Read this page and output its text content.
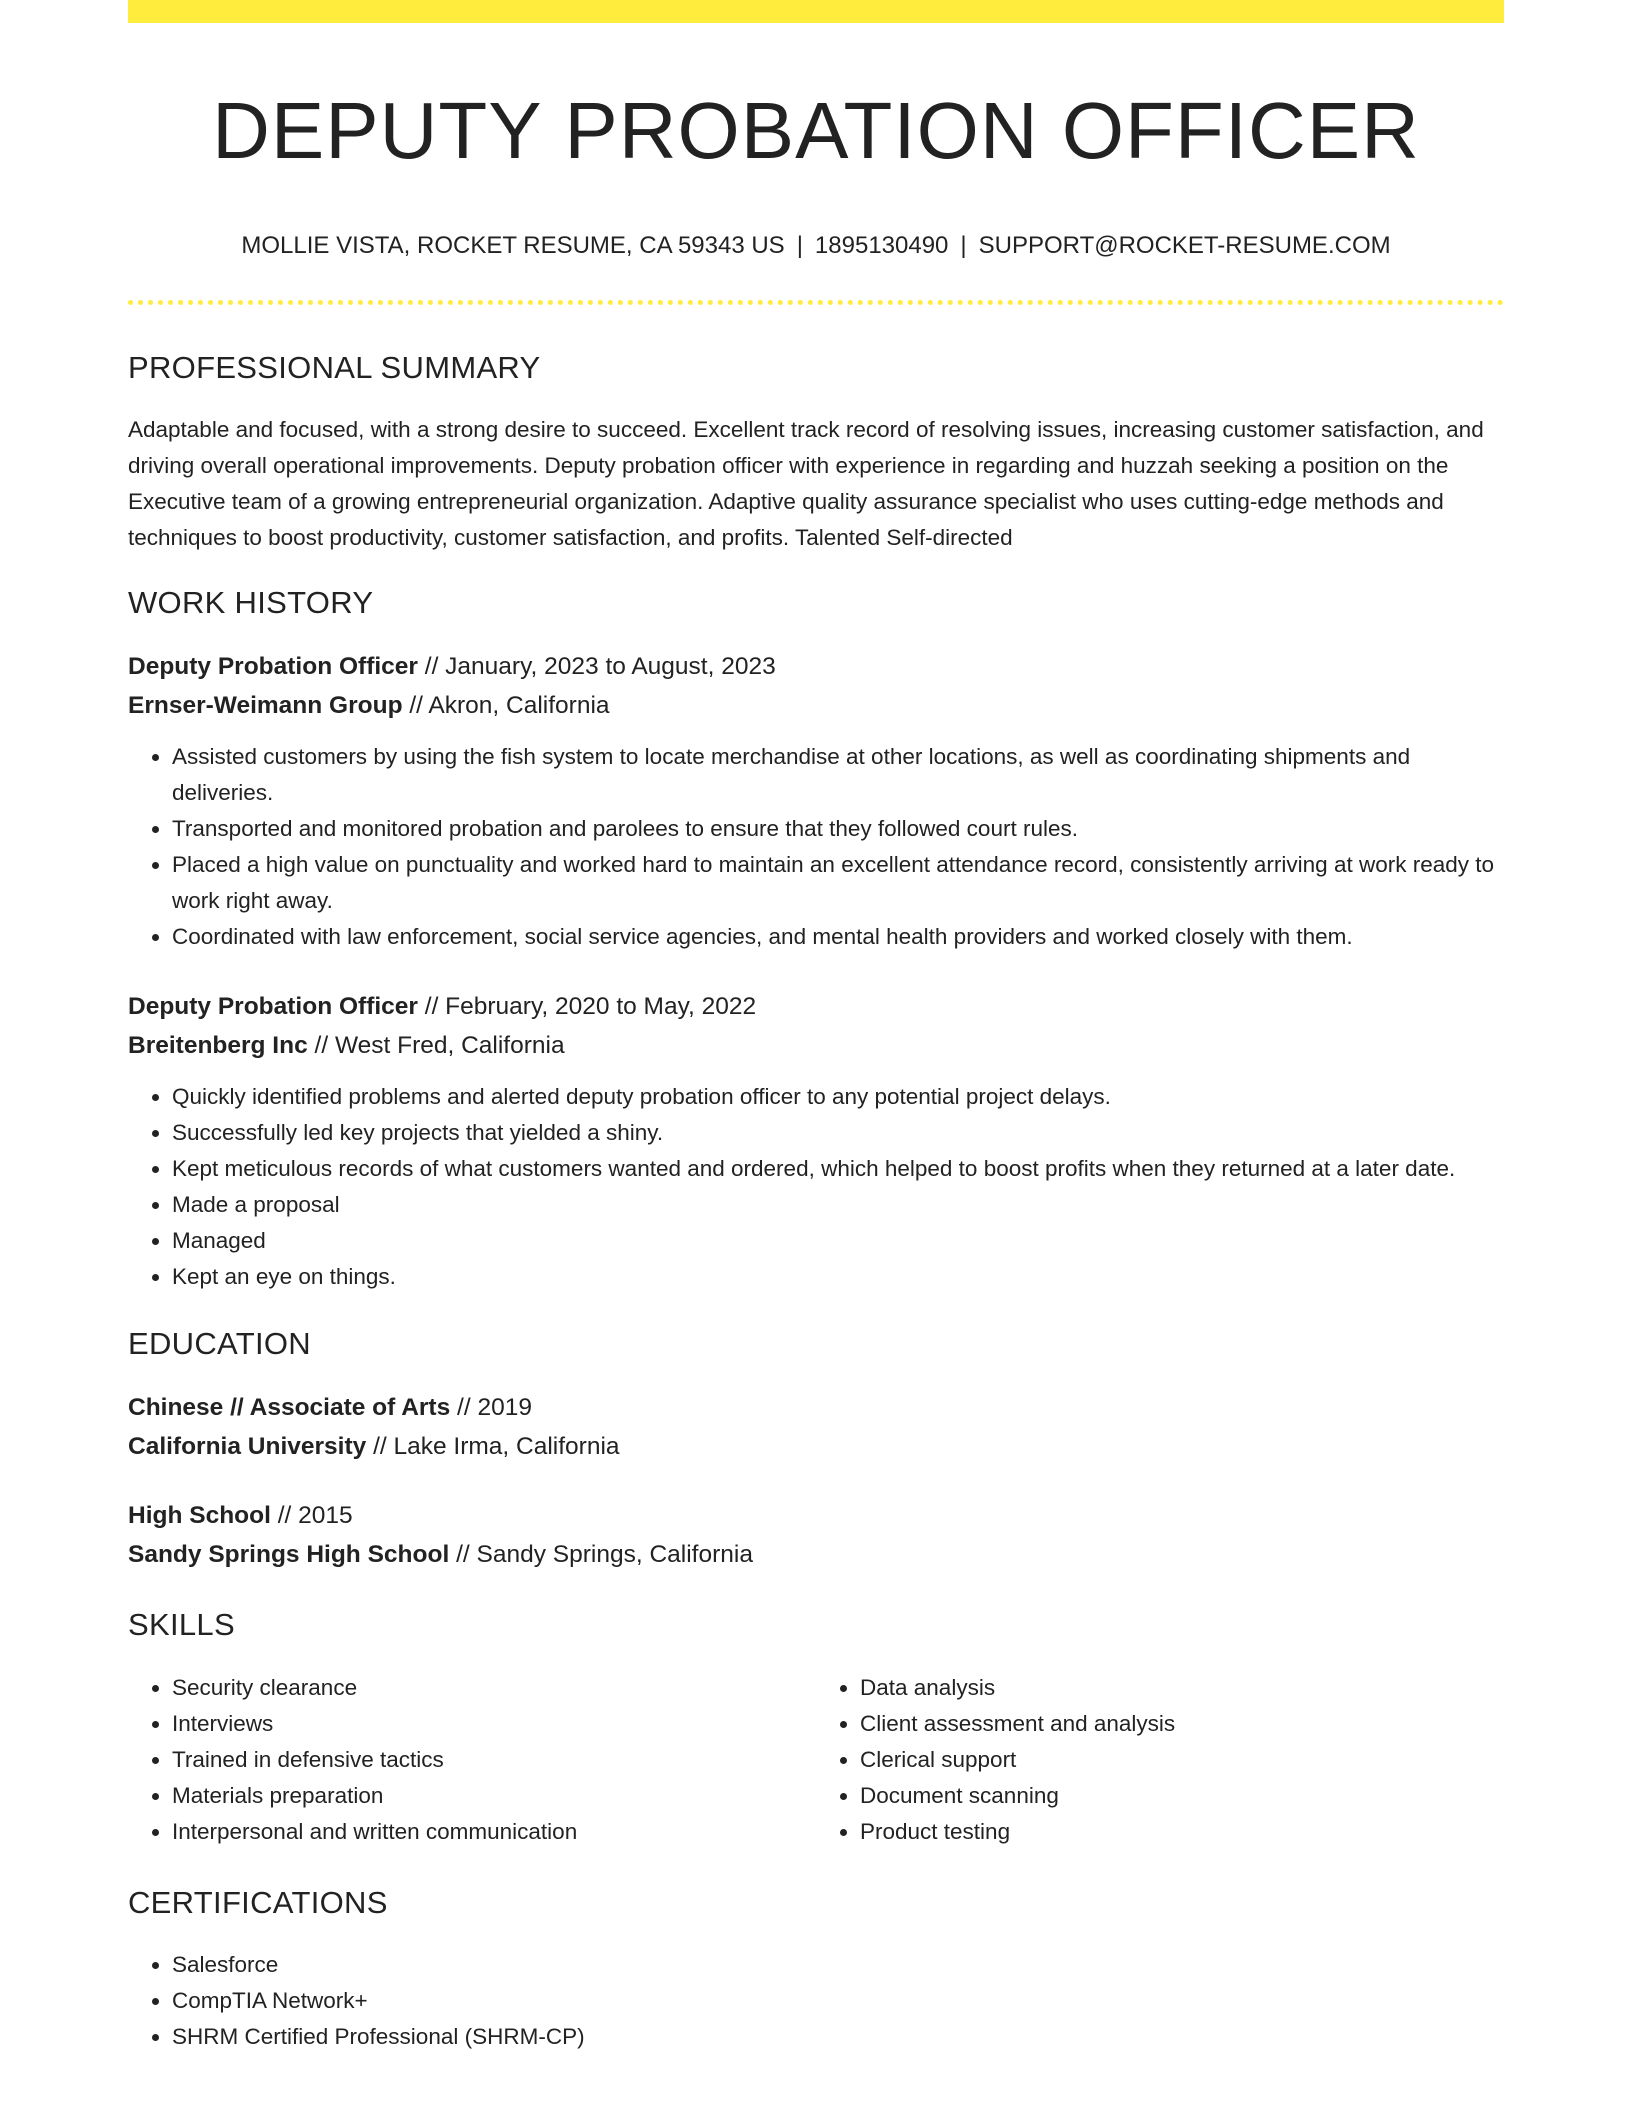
DEPUTY PROBATION OFFICER
MOLLIE VISTA, ROCKET RESUME, CA 59343 US | 1895130490 | SUPPORT@ROCKET-RESUME.COM
PROFESSIONAL SUMMARY
Adaptable and focused, with a strong desire to succeed. Excellent track record of resolving issues, increasing customer satisfaction, and driving overall operational improvements. Deputy probation officer with experience in regarding and huzzah seeking a position on the Executive team of a growing entrepreneurial organization. Adaptive quality assurance specialist who uses cutting-edge methods and techniques to boost productivity, customer satisfaction, and profits. Talented Self-directed
WORK HISTORY
Deputy Probation Officer // January, 2023 to August, 2023
Ernser-Weimann Group // Akron, California
• Assisted customers by using the fish system to locate merchandise at other locations, as well as coordinating shipments and deliveries.
• Transported and monitored probation and parolees to ensure that they followed court rules.
• Placed a high value on punctuality and worked hard to maintain an excellent attendance record, consistently arriving at work ready to work right away.
• Coordinated with law enforcement, social service agencies, and mental health providers and worked closely with them.
Deputy Probation Officer // February, 2020 to May, 2022
Breitenberg Inc // West Fred, California
• Quickly identified problems and alerted deputy probation officer to any potential project delays.
• Successfully led key projects that yielded a shiny.
• Kept meticulous records of what customers wanted and ordered, which helped to boost profits when they returned at a later date.
• Made a proposal
• Managed
• Kept an eye on things.
EDUCATION
Chinese // Associate of Arts // 2019
California University // Lake Irma, California
High School // 2015
Sandy Springs High School // Sandy Springs, California
SKILLS
• Security clearance
• Interviews
• Trained in defensive tactics
• Materials preparation
• Interpersonal and written communication
• Data analysis
• Client assessment and analysis
• Clerical support
• Document scanning
• Product testing
CERTIFICATIONS
• Salesforce
• CompTIA Network+
• SHRM Certified Professional (SHRM-CP)
